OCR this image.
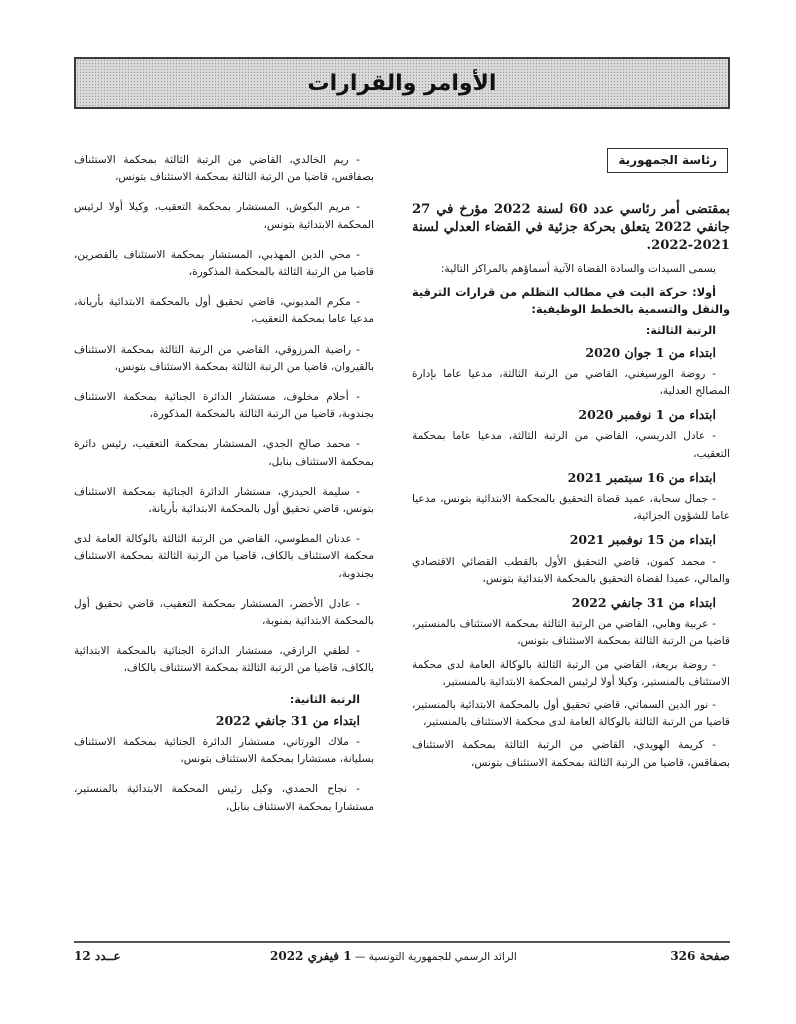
الأوامر والقرارات
رئاسة الجمهورية

بمقتضى أمر رئاسي عدد 60 لسنة 2022 مؤرخ في 27 جانفي 2022 يتعلق بحركة جزئية في القضاء العدلي لسنة 2021-2022.

يسمى السيدات والسادة القضاة الآتية أسماؤهم بالمراكز التالية:

أولا: حركة البت في مطالب التظلم من قرارات الترقية والنقل والتسمية بالخطط الوظيفية:

الرتبة الثالثة:
ابتداء من 1 جوان 2020

- روضة الورسيغني، القاضي من الرتبة الثالثة، مدعيا عاما بإدارة المصالح العدلية،

ابتداء من 1 نوفمبر 2020

- عادل الدريسي، القاضي من الرتبة الثالثة، مدعيا عاما بمحكمة التعقيب،

ابتداء من 16 سبتمبر 2021

- جمال سحابة، عميد قضاة التحقيق بالمحكمة الابتدائية بتونس، مدعيا عاما للشؤون الجزائية،

ابتداء من 15 نوفمبر 2021

- محمد كمون، قاضي التحقيق الأول بالقطب القضائي الاقتصادي والمالي، عميدا لقضاة التحقيق بالمحكمة الابتدائية بتونس،

ابتداء من 31 جانفي 2022

- عربية وهابي، القاضي من الرتبة الثالثة بمحكمة الاستئناف بالمنستير، قاضيا من الرتبة الثالثة بمحكمة الاستئناف بتونس،

- روضة بريعة، القاضي من الرتبة الثالثة بالوكالة العامة لدى محكمة الاستئناف بالمنستير، وكيلا أولا لرئيس المحكمة الابتدائية بالمنستير،

- نور الدين السماتي، قاضي تحقيق أول بالمحكمة الابتدائية بالمنستير، قاضيا من الرتبة الثالثة بالوكالة العامة لدى محكمة الاستئناف بالمنستير،

- كريمة الهويدي، القاضي من الرتبة الثالثة بمحكمة الاستئناف بصفاقس، قاضيا من الرتبة الثالثة بمحكمة الاستئناف بتونس،

- ريم الخالدي، القاضي من الرتبة الثالثة بمحكمة الاستئناف بصفاقس، قاضيا من الرتبة الثالثة بمحكمة الاستئناف بتونس،

- مريم البكوش، المستشار بمحكمة التعقيب، وكيلا أولا لرئيس المحكمة الابتدائية بتونس،

- محي الدين المهذبي، المستشار بمحكمة الاستئناف بالقصرين، قاضيا من الرتبة الثالثة بالمحكمة المذكورة،

- مكرم المديوني، قاضي تحقيق أول بالمحكمة الابتدائية بأريانة، مدعيا عاما بمحكمة التعقيب،

- راضية المرزوقي، القاضي من الرتبة الثالثة بمحكمة الاستئناف بالقيروان، قاضيا من الرتبة الثالثة بمحكمة الاستئناف بتونس،

- أحلام مخلوف، مستشار الدائرة الجنائية بمحكمة الاستئناف بجندوبة، قاضيا من الرتبة الثالثة بالمحكمة المذكورة،

- محمد صالح الجدي، المستشار بمحكمة التعقيب، رئيس دائرة بمحكمة الاستئناف بنابل،

- سليمة الحيدري، مستشار الدائرة الجنائية بمحكمة الاستئناف بتونس، قاضي تحقيق أول بالمحكمة الابتدائية بأريانة،

- عدنان المطوسي، القاضي من الرتبة الثالثة بالوكالة العامة لدى محكمة الاستئناف بالكاف، قاضيا من الرتبة الثالثة بمحكمة الاستئناف بجندوبة،

- عادل الأخضر، المستشار بمحكمة التعقيب، قاضي تحقيق أول بالمحكمة الابتدائية بمنوبة،

- لطفي الرازقي، مستشار الدائرة الجنائية بالمحكمة الابتدائية بالكاف، قاضيا من الرتبة الثالثة بمحكمة الاستئناف بالكاف،

الرتبة الثانية:
ابتداء من 31 جانفي 2022

- ملاك الورتاني، مستشار الدائرة الجنائية بمحكمة الاستئناف بسليانة، مستشارا بمحكمة الاستئناف بتونس،

- نجاح الحمدي، وكيل رئيس المحكمة الابتدائية بالمنستير، مستشارا بمحكمة الاستئناف بنابل،

صفحة 326
الرائد الرسمي للجمهورية التونسية — 1 فيفري 2022
عــدد 12
